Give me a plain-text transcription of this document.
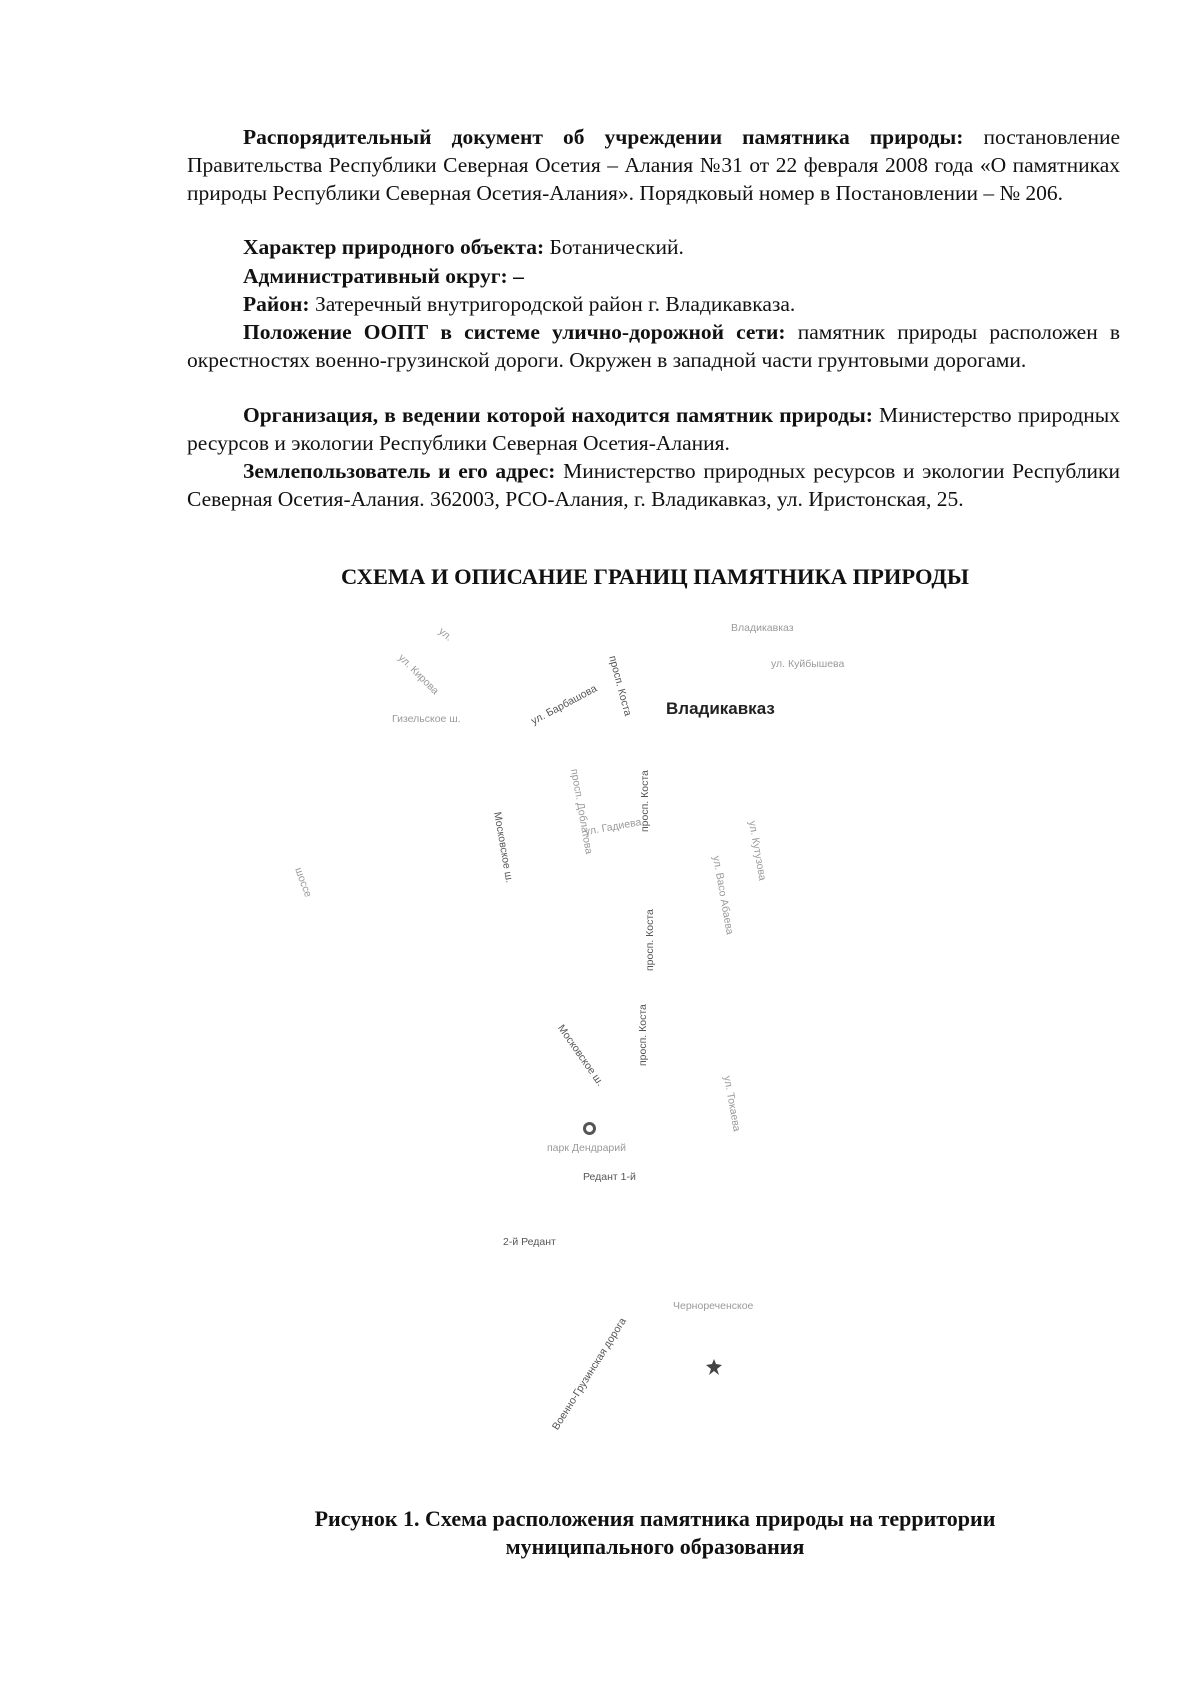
Распорядительный документ об учреждении памятника природы: постановление Правительства Республики Северная Осетия – Алания №31 от 22 февраля 2008 года «О памятниках природы Республики Северная Осетия-Алания». Порядковый номер в Постановлении – № 206.

Характер природного объекта: Ботанический.

Административный округ: –

Район: Затеречный внутригородской район г. Владикавказа.

Положение ООПТ в системе улично-дорожной сети: памятник природы расположен в окрестностях военно-грузинской дороги. Окружен в западной части грунтовыми дорогами.

Организация, в ведении которой находится памятник природы: Министерство природных ресурсов и экологии Республики Северная Осетия-Алания.

Землепользователь и его адрес: Министерство природных ресурсов и экологии Республики Северная Осетия-Алания. 362003, РСО-Алания, г. Владикавказ, ул. Иристонская, 25.

СХЕМА И ОПИСАНИЕ ГРАНИЦ ПАМЯТНИКА ПРИРОДЫ
ул.
ул. Кирова
Гизельское ш.	ул. Барбашова просп. Коста
Владикавказ
ул. Куйбышева
Владикавказ
просп. Доблатова
Московское ш.	ул. Гадиева
просп. Коста
ул. Васо Абаева
ул. Кутузова
шоссе
просп. Коста
Московское ш.	просп. Коста
ул. Токаева
парк Дендрарий
Редант 1-й
2-й Редант
Чернореченское
Военно-Грузинская дорога

Рисунок 1. Схема расположения памятника природы на территории муниципального образования
